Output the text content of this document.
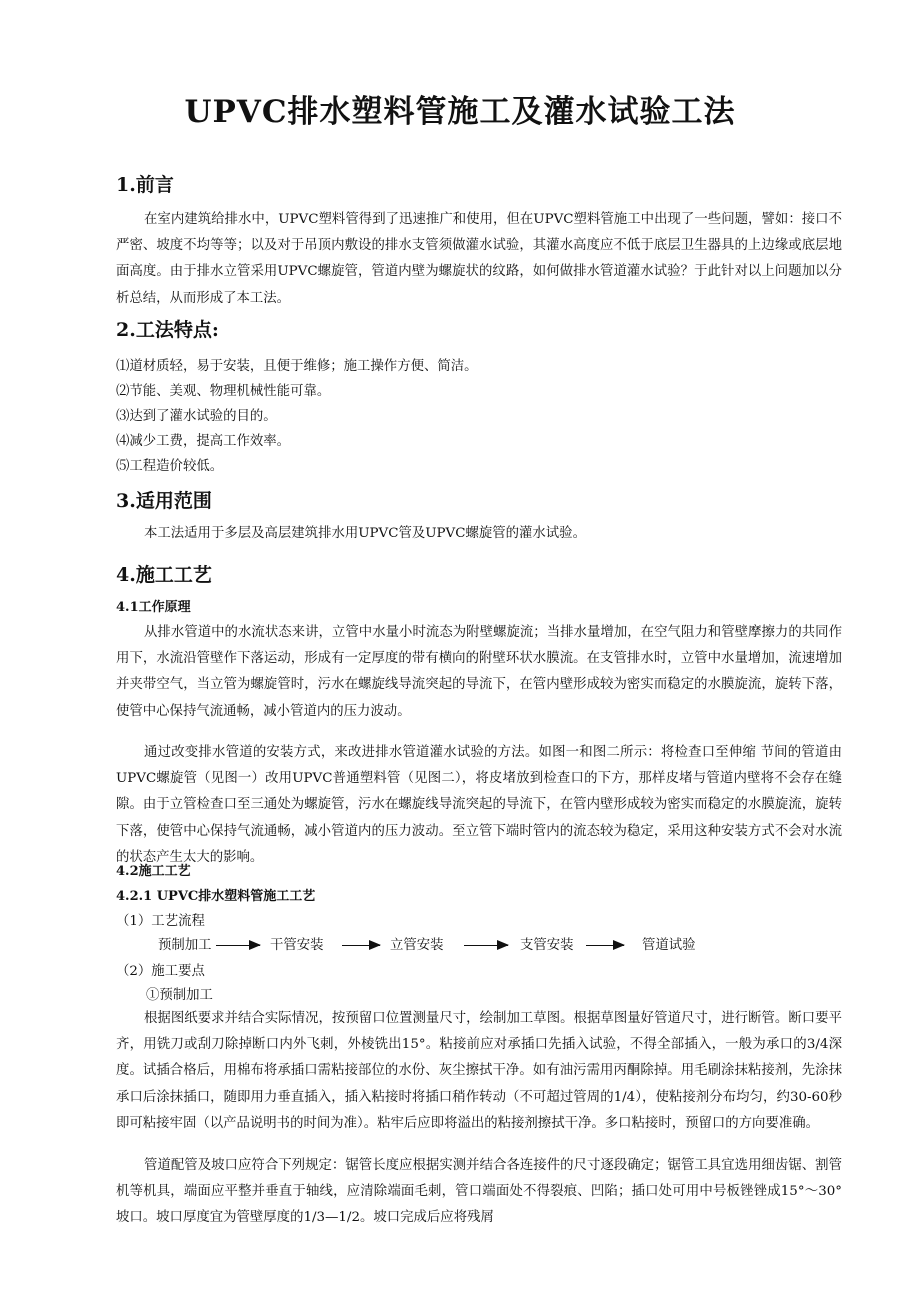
UPVC排水塑料管施工及灌水试验工法
1.前言

在室内建筑给排水中，UPVC塑料管得到了迅速推广和使用，但在UPVC塑料管施工中出现了一些问题，譬如：接口不严密、坡度不均等等；以及对于吊顶内敷设的排水支管须做灌水试验，其灌水高度应不低于底层卫生器具的上边缘或底层地面高度。由于排水立管采用UPVC螺旋管，管道内壁为螺旋状的纹路，如何做排水管道灌水试验？于此针对以上问题加以分析总结，从而形成了本工法。

2.工法特点:
⑴道材质轻，易于安装，且便于维修；施工操作方便、简洁。
⑵节能、美观、物理机械性能可靠。
⑶达到了灌水试验的目的。
⑷减少工费，提高工作效率。
⑸工程造价较低。
3.适用范围

本工法适用于多层及高层建筑排水用UPVC管及UPVC螺旋管的灌水试验。

4.施工工艺
4.1工作原理

从排水管道中的水流状态来讲，立管中水量小时流态为附壁螺旋流；当排水量增加，在空气阻力和管壁摩擦力的共同作用下，水流沿管壁作下落运动，形成有一定厚度的带有横向的附壁环状水膜流。在支管排水时，立管中水量增加，流速增加并夹带空气，当立管为螺旋管时，污水在螺旋线导流突起的导流下，在管内壁形成较为密实而稳定的水膜旋流，旋转下落，使管中心保持气流通畅，减小管道内的压力波动。

通过改变排水管道的安装方式，来改进排水管道灌水试验的方法。如图一和图二所示：将检查口至伸缩 节间的管道由UPVC螺旋管（见图一）改用UPVC普通塑料管（见图二），将皮堵放到检查口的下方，那样皮堵与管道内壁将不会存在缝隙。由于立管检查口至三通处为螺旋管，污水在螺旋线导流突起的导流下，在管内壁形成较为密实而稳定的水膜旋流，旋转下落，使管中心保持气流通畅，减小管道内的压力波动。至立管下端时管内的流态较为稳定，采用这种安装方式不会对水流的状态产生太大的影响。

4.2施工工艺
4.2.1 UPVC排水塑料管施工工艺
（1）工艺流程
预制加工	干管安装	立管安装	支管安装	管道试验
（2）施工要点
①预制加工

根据图纸要求并结合实际情况，按预留口位置测量尺寸，绘制加工草图。根据草图量好管道尺寸，进行断管。断口要平齐，用铣刀或刮刀除掉断口内外飞刺，外棱铣出15°。粘接前应对承插口先插入试验，不得全部插入，一般为承口的3/4深度。试插合格后，用棉布将承插口需粘接部位的水份、灰尘擦拭干净。如有油污需用丙酮除掉。用毛刷涂抹粘接剂，先涂抹承口后涂抹插口，随即用力垂直插入，插入粘接时将插口稍作转动（不可超过管周的1/4），使粘接剂分布均匀，约30-60秒即可粘接牢固（以产品说明书的时间为准）。粘牢后应即将溢出的粘接剂擦拭干净。多口粘接时，预留口的方向要准确。

管道配管及坡口应符合下列规定：锯管长度应根据实测并结合各连接件的尺寸逐段确定；锯管工具宜选用细齿锯、割管机等机具，端面应平整并垂直于轴线，应清除端面毛刺，管口端面处不得裂痕、凹陷；插口处可用中号板锉锉成15°～30°坡口。坡口厚度宜为管壁厚度的1/3—1/2。坡口完成后应将残屑
